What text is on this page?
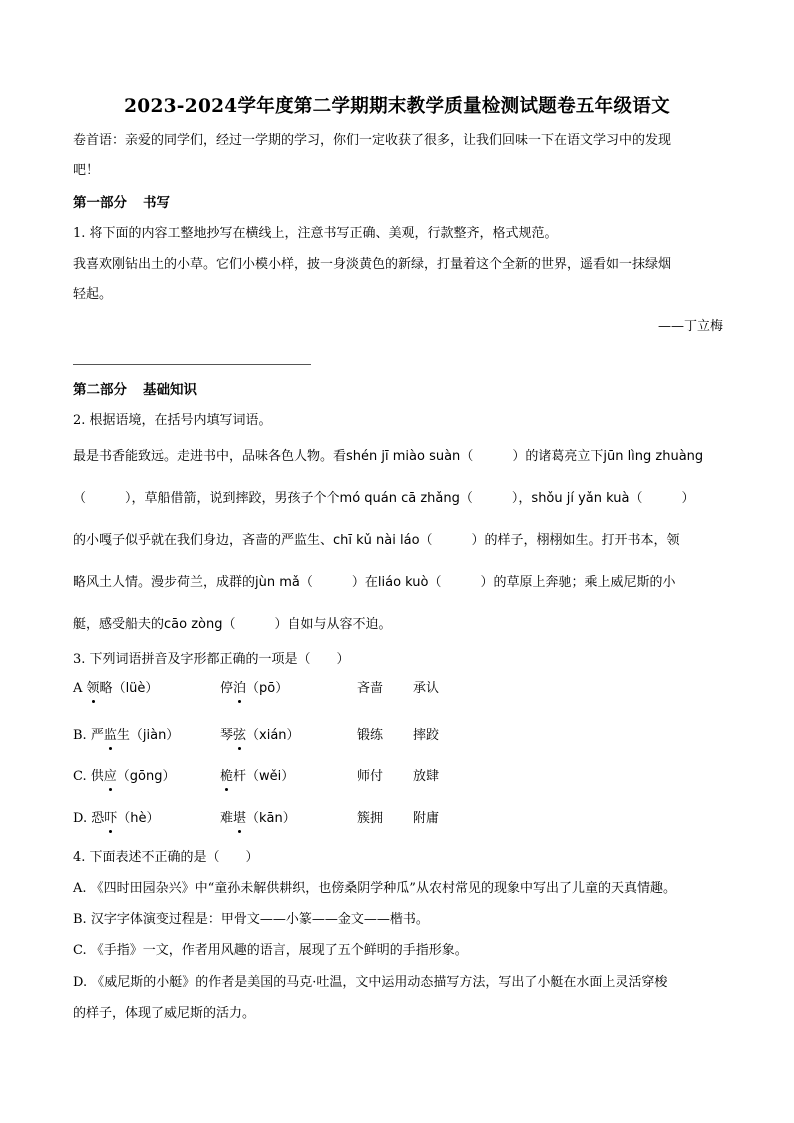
2023-2024学年度第二学期期末教学质量检测试题卷五年级语文
卷首语：亲爱的同学们，经过一学期的学习，你们一定收获了很多，让我们回味一下在语文学习中的发现
吧！
第一部分 书写
1. 将下面的内容工整地抄写在横线上，注意书写正确、美观，行款整齐，格式规范。
我喜欢刚钻出土的小草。它们小模小样，披一身淡黄色的新绿，打量着这个全新的世界，遥看如一抹绿烟
轻起。
——丁立梅
第二部分 基础知识
2. 根据语境，在括号内填写词语。
最是书香能致远。走进书中，品味各色人物。看shén jī miào suàn（　　　）的诸葛亮立下jūn lìng zhuàng
（　　　），草船借箭，说到摔跤，男孩子个个mó quán cā zhǎng（　　　），shǒu jí yǎn kuà（　　　）
的小嘎子似乎就在我们身边，吝啬的严监生、chī kǔ nài láo（　　　）的样子，栩栩如生。打开书本，领
略风土人情。漫步荷兰，成群的jùn mǎ（　　　）在liáo kuò（　　　）的草原上奔驰；乘上威尼斯的小
艇，感受船夫的cāo zòng（　　　）自如与从容不迫。
3. 下列词语拼音及字形都正确的一项是（　　）
A 领略（lüè）	停泊（pō）	吝啬 承认
B. 严监生（jiàn）	琴弦（xián）	锻练 摔跤
C. 供应（gōng）	桅杆（wěi）	师付 放肆
D. 恐吓（hè）	难堪（kān）	簇拥 附庸
4. 下面表述不正确的是（　　）
A. 《四时田园杂兴》中“童孙未解供耕织，也傍桑阴学种瓜”从农村常见的现象中写出了儿童的天真情趣。
B. 汉字字体演变过程是：甲骨文——小篆——金文——楷书。
C. 《手指》一文，作者用风趣的语言，展现了五个鲜明的手指形象。
D. 《威尼斯的小艇》的作者是美国的马克·吐温，文中运用动态描写方法，写出了小艇在水面上灵活穿梭
的样子，体现了威尼斯的活力。
